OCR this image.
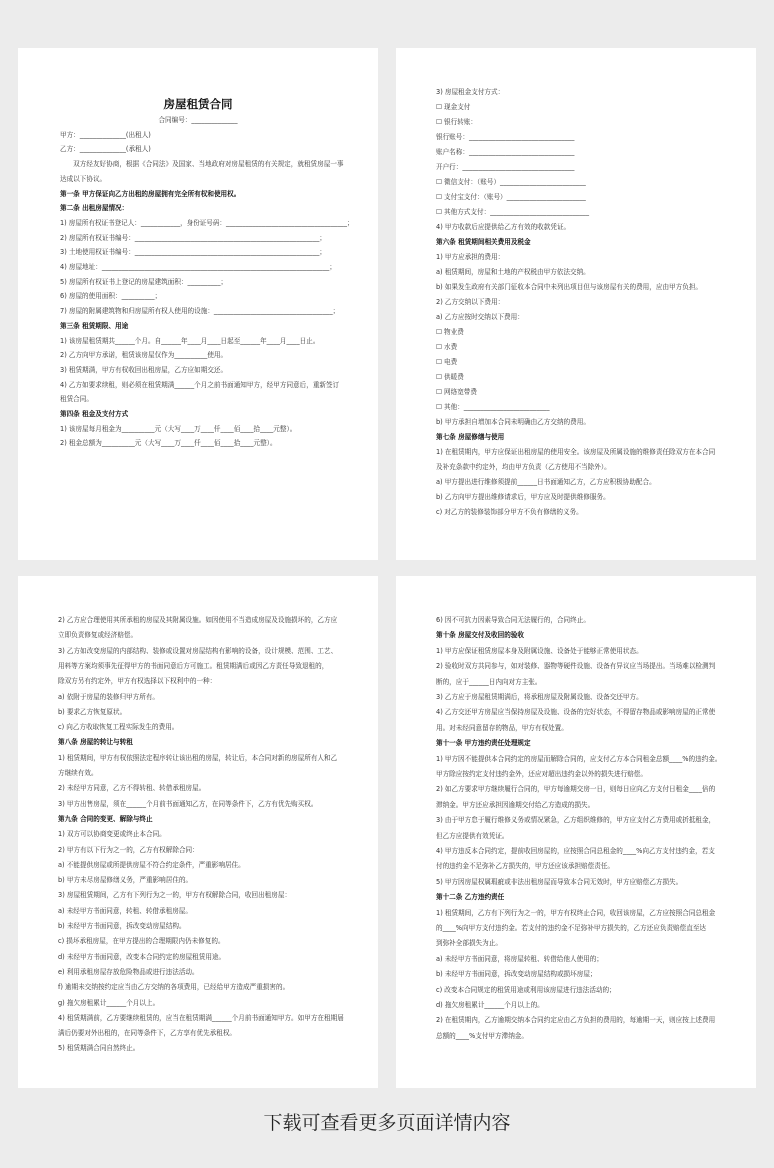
房屋租赁合同
合同编号：______________
甲方：______________(出租人)
乙方：______________(承租人)
　　双方经友好协商，根据《合同法》及国家、当地政府对房屋租赁的有关规定，就租赁房屋一事
达成以下协议。
第一条 甲方保证向乙方出租的房屋拥有完全所有权和使用权。
第二条 出租房屋情况：
1) 房屋所有权证书登记人：____________，身份证号码：_____________________________________；
2) 房屋所有权证书编号：________________________________________________________；
3) 土地使用权证书编号：________________________________________________________；
4) 房屋地址：_____________________________________________________________________；
5) 房屋所有权证书上登记的房屋建筑面积：__________；
6) 房屋的使用面积：__________；
7) 房屋的附属建筑物和归房屋所有权人使用的设施：____________________________________；
第三条 租赁期限、用途
1) 该房屋租赁期共______个月。自______年____月____日起至______年____月____日止。
2) 乙方向甲方承诺，租赁该房屋仅作为__________使用。
3) 租赁期满，甲方有权收回出租房屋，乙方应如期交还。
4) 乙方如要求续租，则必须在租赁期满______个月之前书面通知甲方，经甲方同意后，重新签订
租赁合同。
第四条 租金及支付方式
1) 该房屋每月租金为__________元（大写____万____仟____佰____拾____元整）。
2) 租金总额为__________元（大写____万____仟____佰____拾____元整）。
3) 房屋租金支付方式：
☐ 现金支付
☐ 银行转账：
银行账号：________________________________
账户名称：________________________________
开户行：__________________________________
☐ 微信支付：（账号）__________________________
☐ 支付宝支付：（账号）________________________
☐ 其他方式支付：______________________________
4) 甲方收款后应提供给乙方有效的收款凭证。
第六条 租赁期间相关费用及税金
1) 甲方应承担的费用：
a) 租赁期间，房屋和土地的产权税由甲方依法交纳。
b) 如果发生政府有关部门征收本合同中未列出项目但与该房屋有关的费用，应由甲方负担。
2) 乙方交纳以下费用：
a) 乙方应按时交纳以下费用：
☐ 物业费
☐ 水费
☐ 电费
☐ 供暖费
☐ 网络宽带费
☐ 其他：__________________________
b) 甲方承担自增加本合同未明确由乙方交纳的费用。
第七条 房屋修缮与使用
1) 在租赁期内，甲方应保证出租房屋的使用安全。该房屋及所属设施的维修责任除双方在本合同
及补充条款中约定外，均由甲方负责（乙方使用不当除外）。
a) 甲方提出进行维修须提前______日书面通知乙方，乙方应积极协助配合。
b) 乙方向甲方提出维修请求后，甲方应及时提供维修服务。
c) 对乙方的装修装饰部分甲方不负有修缮的义务。
2) 乙方应合理使用其所承租的房屋及其附属设施。如因使用不当造成房屋及设施损坏的，乙方应
立即负责修复或经济赔偿。
3) 乙方如改变房屋的内部结构、装修或设置对房屋结构有影响的设备，设计规模、范围、工艺、
用料等方案均须事先征得甲方的书面同意后方可施工。租赁期满后或因乙方责任导致退租的，
除双方另有约定外，甲方有权选择以下权利中的一种：
a) 依附于房屋的装修归甲方所有。
b) 要求乙方恢复原状。
c) 向乙方收取恢复工程实际发生的费用。
第八条 房屋的转让与转租
1) 租赁期间，甲方有权依照法定程序转让该出租的房屋，转让后，本合同对新的房屋所有人和乙
方继续有效。
2) 未经甲方同意，乙方不得转租、转借承租房屋。
3) 甲方出售房屋，须在______个月前书面通知乙方，在同等条件下，乙方有优先购买权。
第九条 合同的变更、解除与终止
1) 双方可以协商变更或终止本合同。
2) 甲方有以下行为之一的，乙方有权解除合同：
a) 不能提供房屋或所提供房屋不符合约定条件，严重影响居住。
b) 甲方未尽房屋修缮义务，严重影响居住的。
3) 房屋租赁期间，乙方有下列行为之一的，甲方有权解除合同，收回出租房屋：
a) 未经甲方书面同意，转租、转借承租房屋。
b) 未经甲方书面同意，拆改变动房屋结构。
c) 损坏承租房屋，在甲方提出的合理期限内仍未修复的。
d) 未经甲方书面同意，改变本合同约定的房屋租赁用途。
e) 利用承租房屋存放危险物品或进行违法活动。
f) 逾期未交纳按约定应当由乙方交纳的各项费用，已经给甲方造成严重损害的。
g) 拖欠房租累计______个月以上。
4) 租赁期满前，乙方要继续租赁的，应当在租赁期满______个月前书面通知甲方。如甲方在租期届
满后仍要对外出租的，在同等条件下，乙方享有优先承租权。
5) 租赁期满合同自然终止。
6) 因不可抗力因素导致合同无法履行的，合同终止。
第十条 房屋交付及收回的验收
1) 甲方应保证租赁房屋本身及附属设施、设备处于能够正常使用状态。
2) 验收时双方共同参与，如对装修、器物等硬件设施、设备有异议应当场提出。当场难以检测判
断的，应于______日内向对方主张。
3) 乙方应于房屋租赁期满后，将承租房屋及附属设施、设备交还甲方。
4) 乙方交还甲方房屋应当保持房屋及设施、设备的完好状态，不得留存物品或影响房屋的正常使
用。对未经同意留存的物品，甲方有权处置。
第十一条 甲方违约责任处理规定
1) 甲方因不能提供本合同约定的房屋而解除合同的，应支付乙方本合同租金总额____%的违约金。
甲方除应按约定支付违约金外，还应对超出违约金以外的损失进行赔偿。
2) 如乙方要求甲方继续履行合同的，甲方每逾期交房一日，则每日应向乙方支付日租金____倍的
滞纳金。甲方还应承担因逾期交付给乙方造成的损失。
3) 由于甲方怠于履行维修义务或情况紧急，乙方组织维修的，甲方应支付乙方费用或折抵租金，
但乙方应提供有效凭证。
4) 甲方违反本合同约定，提前收回房屋的，应按照合同总租金的____%向乙方支付违约金，若支
付的违约金不足弥补乙方损失的，甲方还应该承担赔偿责任。
5) 甲方因房屋权属瑕疵或非法出租房屋而导致本合同无效时，甲方应赔偿乙方损失。
第十二条 乙方违约责任
1) 租赁期间，乙方有下列行为之一的，甲方有权终止合同，收回该房屋，乙方应按照合同总租金
的____%向甲方支付违约金。若支付的违约金不足弥补甲方损失的，乙方还应负责赔偿直至达
到弥补全部损失为止。
a) 未经甲方书面同意，将房屋转租、转借给他人使用的；
b) 未经甲方书面同意，拆改变动房屋结构或损坏房屋；
c) 改变本合同规定的租赁用途或利用该房屋进行违法活动的；
d) 拖欠房租累计______个月以上的。
2) 在租赁期内，乙方逾期交纳本合同约定应由乙方负担的费用的，每逾期一天，则应按上述费用
总额的____%支付甲方滞纳金。
下载可查看更多页面详情内容
